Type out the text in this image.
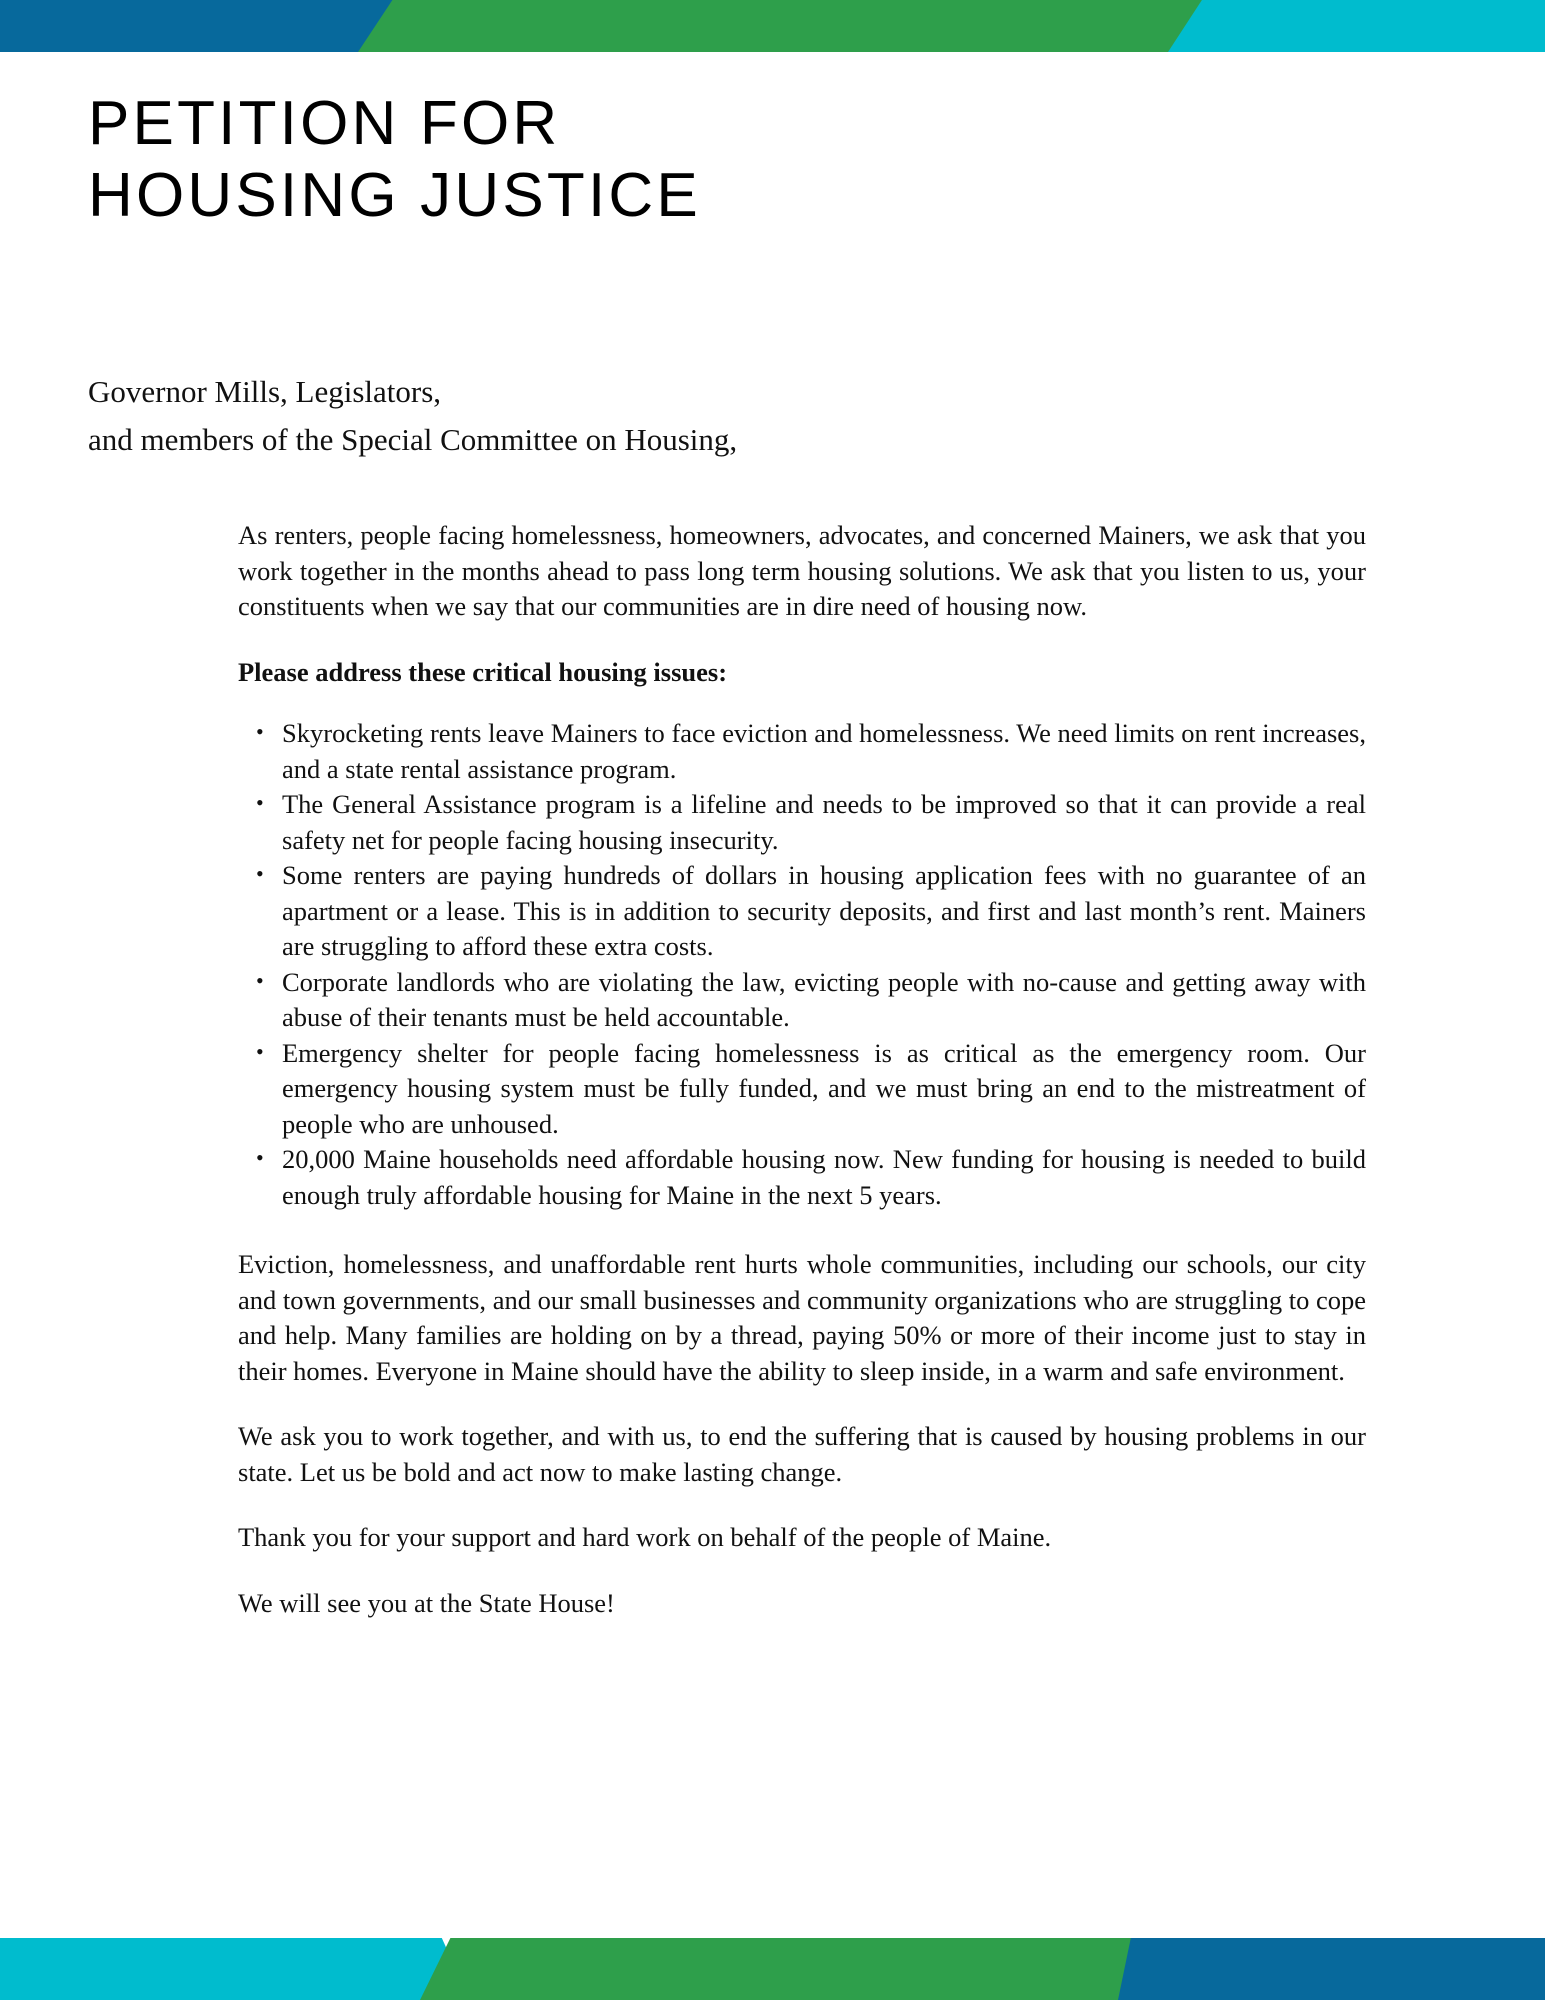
PETITION FOR
HOUSING JUSTICE
Governor Mills, Legislators,
and members of the Special Committee on Housing,

As renters, people facing homelessness, homeowners, advocates, and concerned Mainers, we ask that you work together in the months ahead to pass long term housing solutions. We ask that you listen to us, your constituents when we say that our communities are in dire need of housing now.

Please address these critical housing issues:

• Skyrocketing rents leave Mainers to face eviction and homelessness. We need limits on rent increases, and a state rental assistance program.
• The General Assistance program is a lifeline and needs to be improved so that it can provide a real safety net for people facing housing insecurity.
• Some renters are paying hundreds of dollars in housing application fees with no guarantee of an apartment or a lease. This is in addition to security deposits, and first and last month’s rent. Mainers are struggling to afford these extra costs.
• Corporate landlords who are violating the law, evicting people with no-cause and getting away with abuse of their tenants must be held accountable.
• Emergency shelter for people facing homelessness is as critical as the emergency room. Our emergency housing system must be fully funded, and we must bring an end to the mistreatment of people who are unhoused.
• 20,000 Maine households need affordable housing now. New funding for housing is needed to build enough truly affordable housing for Maine in the next 5 years.

Eviction, homelessness, and unaffordable rent hurts whole communities, including our schools, our city and town governments, and our small businesses and community organizations who are struggling to cope and help. Many families are holding on by a thread, paying 50% or more of their income just to stay in their homes. Everyone in Maine should have the ability to sleep inside, in a warm and safe environment.

We ask you to work together, and with us, to end the suffering that is caused by housing problems in our state. Let us be bold and act now to make lasting change.

Thank you for your support and hard work on behalf of the people of Maine.

We will see you at the State House!
